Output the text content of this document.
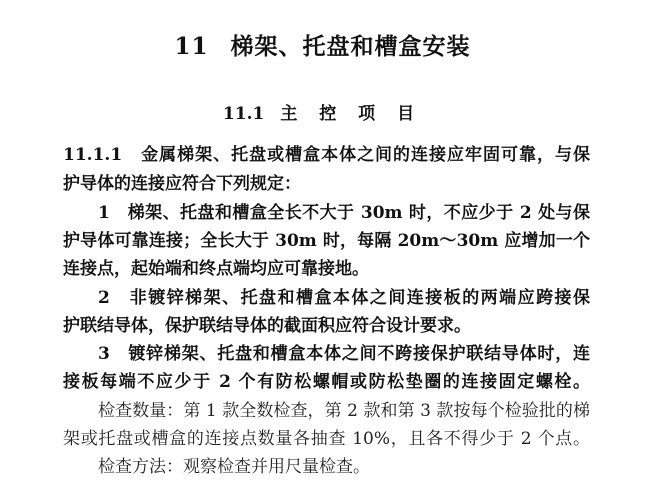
11 梯架、托盘和槽盒安装
11.1 主 控 项 目
11.1.1　金属梯架、托盘或槽盒本体之间的连接应牢固可靠，与保
护导体的连接应符合下列规定：
1　梯架、托盘和槽盒全长不大于 30m 时，不应少于 2 处与保
护导体可靠连接；全长大于 30m 时，每隔 20m～30m 应增加一个
连接点，起始端和终点端均应可靠接地。
2　非镀锌梯架、托盘和槽盒本体之间连接板的两端应跨接保
护联结导体，保护联结导体的截面积应符合设计要求。
3　镀锌梯架、托盘和槽盒本体之间不跨接保护联结导体时，连
接板每端不应少于 2 个有防松螺帽或防松垫圈的连接固定螺栓。
检查数量：第 1 款全数检查，第 2 款和第 3 款按每个检验批的梯
架或托盘或槽盒的连接点数量各抽查 10%，且各不得少于 2 个点。
检查方法：观察检查并用尺量检查。
